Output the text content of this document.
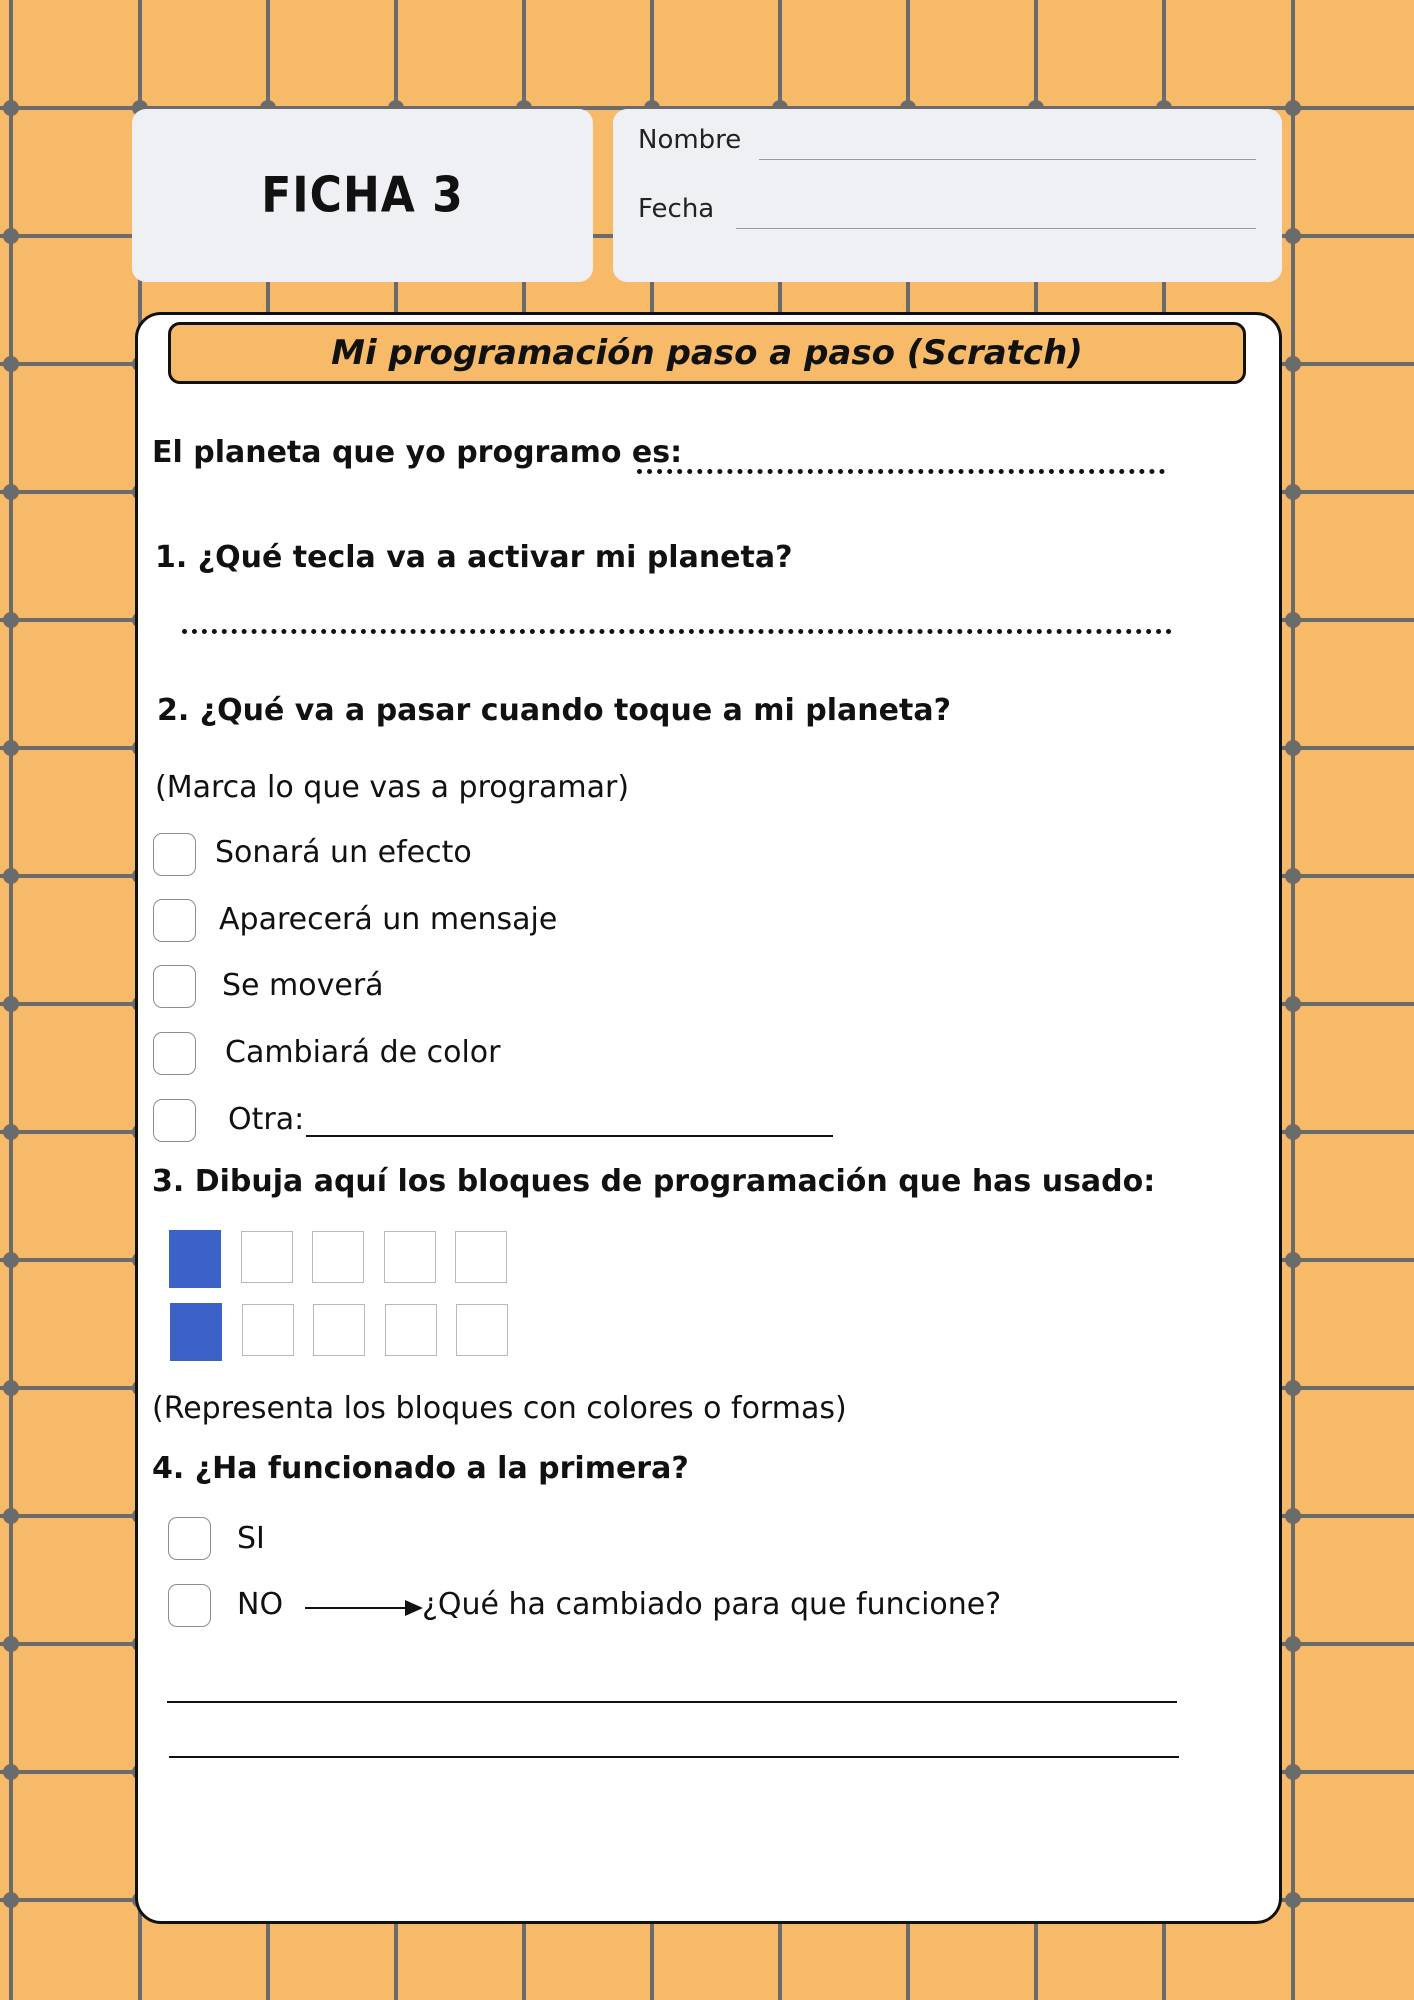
FICHA 3
Nombre
Fecha
Mi programación paso a paso (Scratch)
El planeta que yo programo es:
1. ¿Qué tecla va a activar mi planeta?
2. ¿Qué va a pasar cuando toque a mi planeta?
(Marca lo que vas a programar)
Sonará un efecto
Aparecerá un mensaje
Se moverá
Cambiará de color
Otra:
3. Dibuja aquí los bloques de programación que has usado:
(Representa los bloques con colores o formas)
4. ¿Ha funcionado a la primera?
SI
NO	¿Qué ha cambiado para que funcione?
